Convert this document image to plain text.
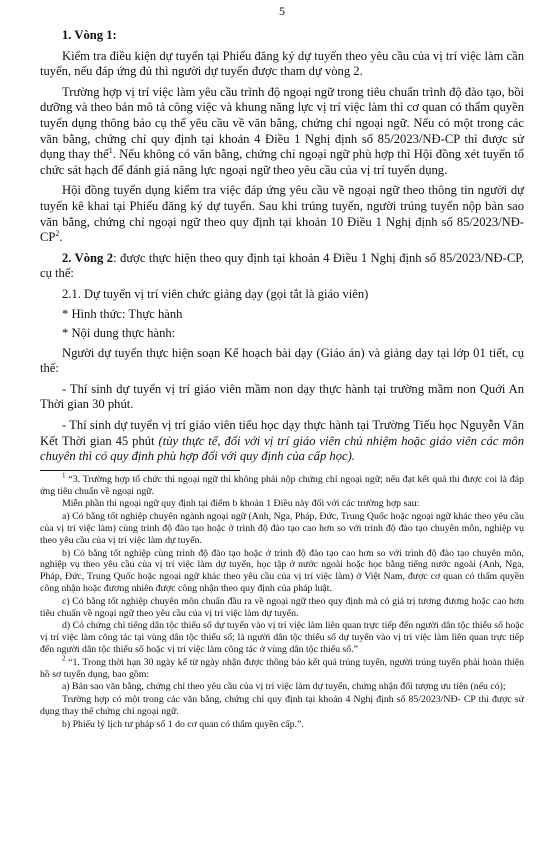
5

1. Vòng 1:

Kiểm tra điều kiện dự tuyển tại Phiếu đăng ký dự tuyển theo yêu cầu của vị trí việc làm cần tuyển, nếu đáp ứng đủ thì người dự tuyển được tham dự vòng 2.

Trường hợp vị trí việc làm yêu cầu trình độ ngoại ngữ trong tiêu chuẩn trình độ đào tạo, bồi dưỡng và theo bản mô tả công việc và khung năng lực vị trí việc làm thì cơ quan có thẩm quyền tuyển dụng thông báo cụ thể yêu cầu về văn bằng, chứng chỉ ngoại ngữ. Nếu có một trong các văn bằng, chứng chỉ quy định tại khoản 4 Điều 1 Nghị định số 85/2023/NĐ-CP thì được sử dụng thay thế$^1$. Nếu không có văn bằng, chứng chỉ ngoại ngữ phù hợp thì Hội đồng xét tuyển tổ chức sát hạch để đánh giá năng lực ngoại ngữ theo yêu cầu của vị trí tuyển dụng.

Hội đồng tuyển dụng kiểm tra việc đáp ứng yêu cầu về ngoại ngữ theo thông tin người dự tuyển kê khai tại Phiếu đăng ký dự tuyển. Sau khi trúng tuyển, người trúng tuyển nộp bản sao văn bằng, chứng chỉ ngoại ngữ theo quy định tại khoản 10 Điều 1 Nghị định số $85/2023/NĐ-CP^2$.

2. Vòng 2: được thực hiện theo quy định tại khoản 4 Điều 1 Nghị định số 85/2023/NĐ-CP, cụ thể:

2.1. Dự tuyển vị trí viên chức giảng dạy (gọi tắt là giáo viên)

* Hình thức: Thực hành

* Nội dung thực hành:

Người dự tuyển thực hiện soạn Kế hoạch bài dạy (Giáo án) và giảng dạy tại lớp 01 tiết, cụ thể:

- Thí sinh dự tuyển vị trí giáo viên mầm non dạy thực hành tại trường mầm non Quới An Thời gian 30 phút.

- Thí sinh dự tuyển vị trí giáo viên tiểu học dạy thực hành tại Trường Tiểu học Nguyễn Văn Kết Thời gian 45 phút (tùy thực tế, đối với vị trí giáo viên chủ nhiệm hoặc giáo viên các môn chuyên thì có quy định phù hợp đối với quy định của cấp học).

$^1$ “3. Trường hợp tổ chức thi ngoại ngữ thì không phải nộp chứng chỉ ngoại ngữ; nếu đạt kết quả thi được coi là đáp ứng tiêu chuẩn về ngoại ngữ.

Miễn phần thi ngoại ngữ quy định tại điểm b khoản 1 Điều này đối với các trường hợp sau:

a) Có bằng tốt nghiệp chuyên ngành ngoại ngữ (Anh, Nga, Pháp, Đức, Trung Quốc hoặc ngoại ngữ khác theo yêu cầu của vị trí việc làm) cùng trình độ đào tạo hoặc ở trình độ đào tạo cao hơn so với trình độ đào tạo chuyên môn, nghiệp vụ theo yêu cầu của vị trí việc làm dự tuyển.

b) Có bằng tốt nghiệp cùng trình độ đào tạo hoặc ở trình độ đào tạo cao hơn so với trình độ đào tạo chuyên môn, nghiệp vụ theo yêu cầu của vị trí việc làm dự tuyển, học tập ở nước ngoài hoặc học bằng tiếng nước ngoài (Anh, Nga, Pháp, Đức, Trung Quốc hoặc ngoại ngữ khác theo yêu cầu của vị trí việc làm) ở Việt Nam, được cơ quan có thẩm quyền công nhận hoặc đương nhiên được công nhận theo quy định của pháp luật.

c) Có bằng tốt nghiệp chuyên môn chuẩn đầu ra về ngoại ngữ theo quy định mà có giá trị tương đương hoặc cao hơn tiêu chuẩn về ngoại ngữ theo yêu cầu của vị trí việc làm dự tuyển.

d) Có chứng chỉ tiếng dân tộc thiểu số dự tuyển vào vị trí việc làm liên quan trực tiếp đến người dân tộc thiểu số hoặc vị trí việc làm công tác tại vùng dân tộc thiểu số; là người dân tộc thiểu số dự tuyển vào vị trí việc làm liên quan trực tiếp đến người dân tộc thiểu số hoặc vị trí việc làm công tác ở vùng dân tộc thiểu số.”

$^2$ “1. Trong thời hạn 30 ngày kể từ ngày nhận được thông báo kết quả trúng tuyển, người trúng tuyển phải hoàn thiện hồ sơ tuyển dụng, bao gồm:

a) Bản sao văn bằng, chứng chỉ theo yêu cầu của vị trí việc làm dự tuyển, chứng nhận đối tượng ưu tiên (nếu có);

Trường hợp có một trong các văn bằng, chứng chỉ quy định tại khoản 4 Nghị định số 85/2023/NĐ- CP thì được sử dụng thay thế chứng chỉ ngoại ngữ.

b) Phiếu lý lịch tư pháp số 1 do cơ quan có thẩm quyền cấp.”.
